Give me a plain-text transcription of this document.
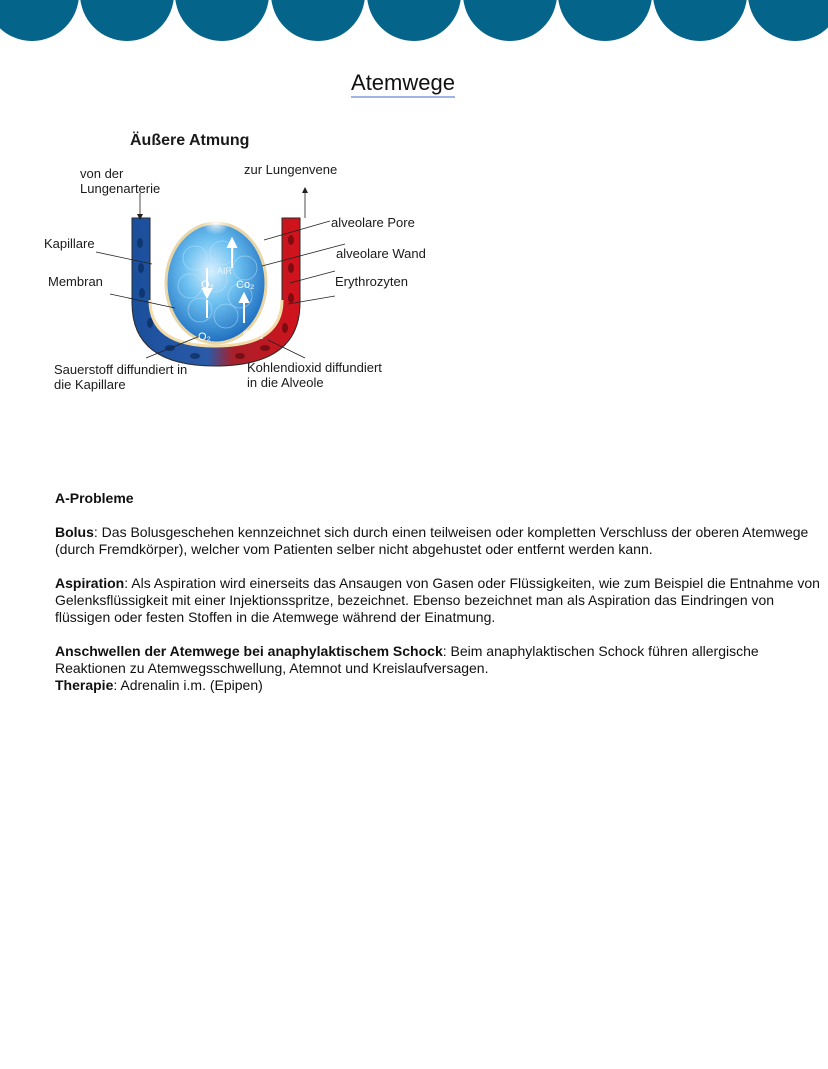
Atemwege
Äußere Atmung
von der
Lungenarterie
zur Lungenvene
Kapillare
Membran
alveolare Pore
alveolare Wand
Erythrozyten
Sauerstoff diffundiert in
die Kapillare
Kohlendioxid diffundiert
in die Alveole
AIR
O₂ Co₂
O₂	CO₂

A-Probleme

Bolus: Das Bolusgeschehen kennzeichnet sich durch einen teilweisen oder kompletten Verschluss der oberen Atemwege (durch Fremdkörper), welcher vom Patienten selber nicht abgehustet oder entfernt werden kann.

Aspiration: Als Aspiration wird einerseits das Ansaugen von Gasen oder Flüssigkeiten, wie zum Beispiel die Entnahme von Gelenksflüssigkeit mit einer Injektionsspritze, bezeichnet. Ebenso bezeichnet man als Aspiration das Eindringen von flüssigen oder festen Stoffen in die Atemwege während der Einatmung.

Anschwellen der Atemwege bei anaphylaktischem Schock: Beim anaphylaktischen Schock führen allergische Reaktionen zu Atemwegsschwellung, Atemnot und Kreislaufversagen.

Therapie: Adrenalin i.m. (Epipen)
